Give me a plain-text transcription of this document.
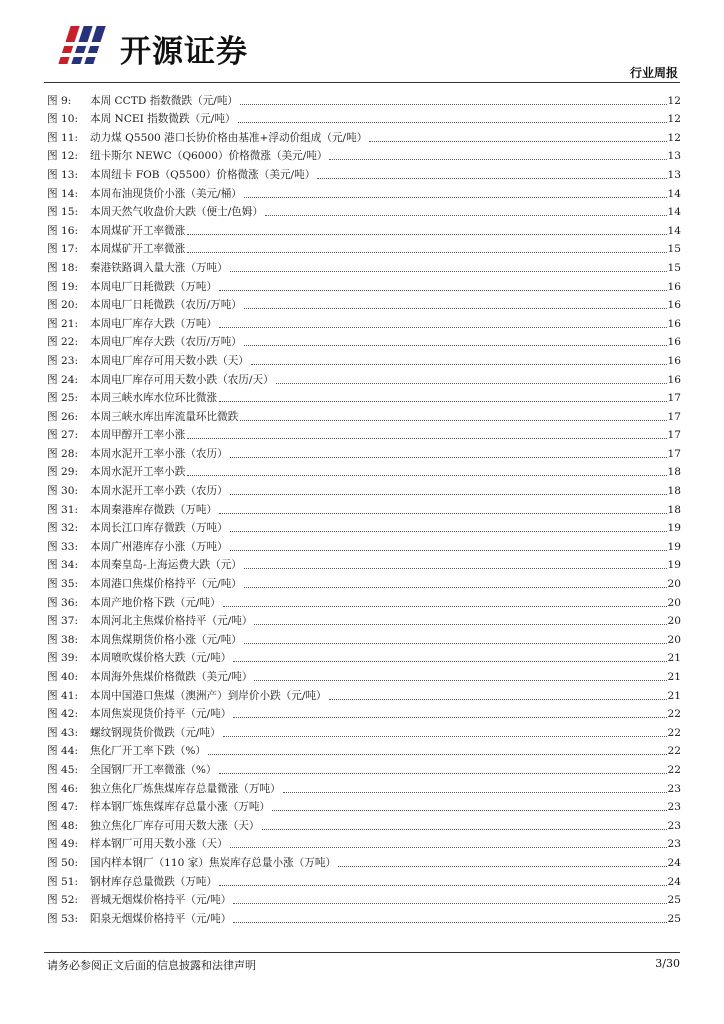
开源证券
行业周报
图 9:	本周 CCTD 指数微跌（元/吨）	12
图 10:	本周 NCEI 指数微跌（元/吨）	12
图 11:	动力煤 Q5500 港口长协价格由基准+浮动价组成（元/吨）	12
图 12:	纽卡斯尔 NEWC（Q6000）价格微涨（美元/吨）	13
图 13:	本周纽卡 FOB（Q5500）价格微涨（美元/吨）	13
图 14:	本周布油现货价小涨（美元/桶）	14
图 15:	本周天然气收盘价大跌（便士/色姆）	14
图 16:	本周煤矿开工率微涨	14
图 17:	本周煤矿开工率微涨	15
图 18:	秦港铁路调入量大涨（万吨）	15
图 19:	本周电厂日耗微跌（万吨）	16
图 20:	本周电厂日耗微跌（农历/万吨）	16
图 21:	本周电厂库存大跌（万吨）	16
图 22:	本周电厂库存大跌（农历/万吨）	16
图 23:	本周电厂库存可用天数小跌（天）	16
图 24:	本周电厂库存可用天数小跌（农历/天）	16
图 25:	本周三峡水库水位环比微涨	17
图 26:	本周三峡水库出库流量环比微跌	17
图 27:	本周甲醇开工率小涨	17
图 28:	本周水泥开工率小涨（农历）	17
图 29:	本周水泥开工率小跌	18
图 30:	本周水泥开工率小跌（农历）	18
图 31:	本周秦港库存微跌（万吨）	18
图 32:	本周长江口库存微跌（万吨）	19
图 33:	本周广州港库存小涨（万吨）	19
图 34:	本周秦皇岛-上海运费大跌（元）	19
图 35:	本周港口焦煤价格持平（元/吨）	20
图 36:	本周产地价格下跌（元/吨）	20
图 37:	本周河北主焦煤价格持平（元/吨）	20
图 38:	本周焦煤期货价格小涨（元/吨）	20
图 39:	本周喷吹煤价格大跌（元/吨）	21
图 40:	本周海外焦煤价格微跌（美元/吨）	21
图 41:	本周中国港口焦煤（澳洲产）到岸价小跌（元/吨）	21
图 42:	本周焦炭现货价持平（元/吨）	22
图 43:	螺纹钢现货价微跌（元/吨）	22
图 44:	焦化厂开工率下跌（%）	22
图 45:	全国钢厂开工率微涨（%）	22
图 46:	独立焦化厂炼焦煤库存总量微涨（万吨）	23
图 47:	样本钢厂炼焦煤库存总量小涨（万吨）	23
图 48:	独立焦化厂库存可用天数大涨（天）	23
图 49:	样本钢厂可用天数小涨（天）	23
图 50:	国内样本钢厂（110 家）焦炭库存总量小涨（万吨）	24
图 51:	钢材库存总量微跌（万吨）	24
图 52:	晋城无烟煤价格持平（元/吨）	25
图 53:	阳泉无烟煤价格持平（元/吨）	25
请务必参阅正文后面的信息披露和法律声明	3/30
